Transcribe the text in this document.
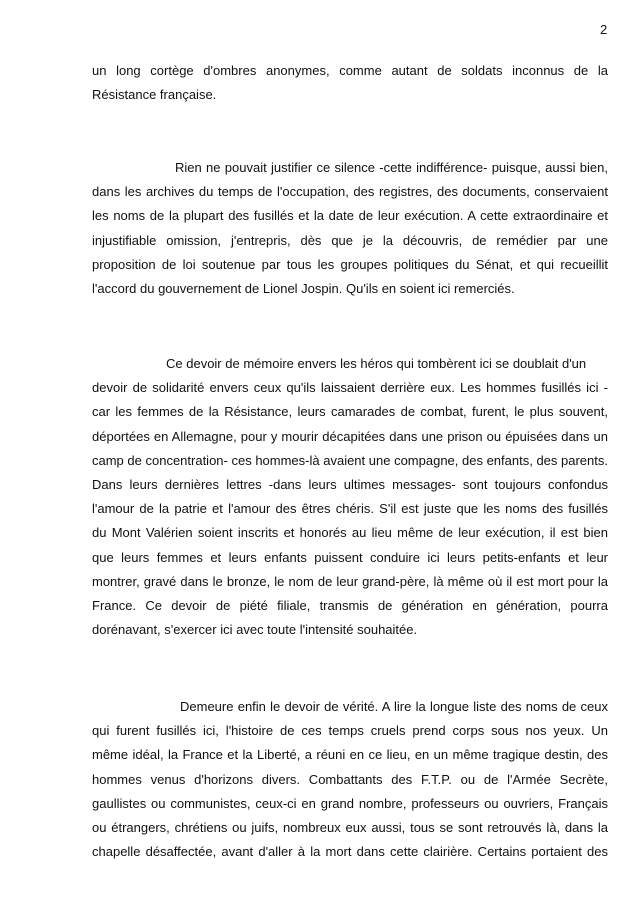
2
un long cortège d'ombres anonymes, comme autant de soldats inconnus de la
Résistance française.
Rien ne pouvait justifier ce silence -cette indifférence- puisque, aussi bien,
dans les archives du temps de l'occupation, des registres, des documents, conservaient
les noms de la plupart des fusillés et la date de leur exécution. A cette extraordinaire et
injustifiable omission, j'entrepris, dès que je la découvris, de remédier par une
proposition de loi soutenue par tous les groupes politiques du Sénat, et qui recueillit
l'accord du gouvernement de Lionel Jospin. Qu'ils en soient ici remerciés.
Ce devoir de mémoire envers les héros qui tombèrent ici se doublait d'un
devoir de solidarité envers ceux qu'ils laissaient derrière eux. Les hommes fusillés ici -
car les femmes de la Résistance, leurs camarades de combat, furent, le plus souvent,
déportées en Allemagne, pour y mourir décapitées dans une prison ou épuisées dans un
camp de concentration- ces hommes-là avaient une compagne, des enfants, des parents.
Dans leurs dernières lettres -dans leurs ultimes messages- sont toujours confondus
l'amour de la patrie et l'amour des êtres chéris. S'il est juste que les noms des fusillés
du Mont Valérien soient inscrits et honorés au lieu même de leur exécution, il est bien
que leurs femmes et leurs enfants puissent conduire ici leurs petits-enfants et leur
montrer, gravé dans le bronze, le nom de leur grand-père, là même où il est mort pour la
France. Ce devoir de piété filiale, transmis de génération en génération, pourra
dorénavant, s'exercer ici avec toute l'intensité souhaitée.
Demeure enfin le devoir de vérité. A lire la longue liste des noms de ceux
qui furent fusillés ici, l'histoire de ces temps cruels prend corps sous nos yeux. Un
même idéal, la France et la Liberté, a réuni en ce lieu, en un même tragique destin, des
hommes venus d'horizons divers. Combattants des F.T.P. ou de l'Armée Secrète,
gaullistes ou communistes, ceux-ci en grand nombre, professeurs ou ouvriers, Français
ou étrangers, chrétiens ou juifs, nombreux eux aussi, tous se sont retrouvés là, dans la
chapelle désaffectée, avant d'aller à la mort dans cette clairière. Certains portaient des
